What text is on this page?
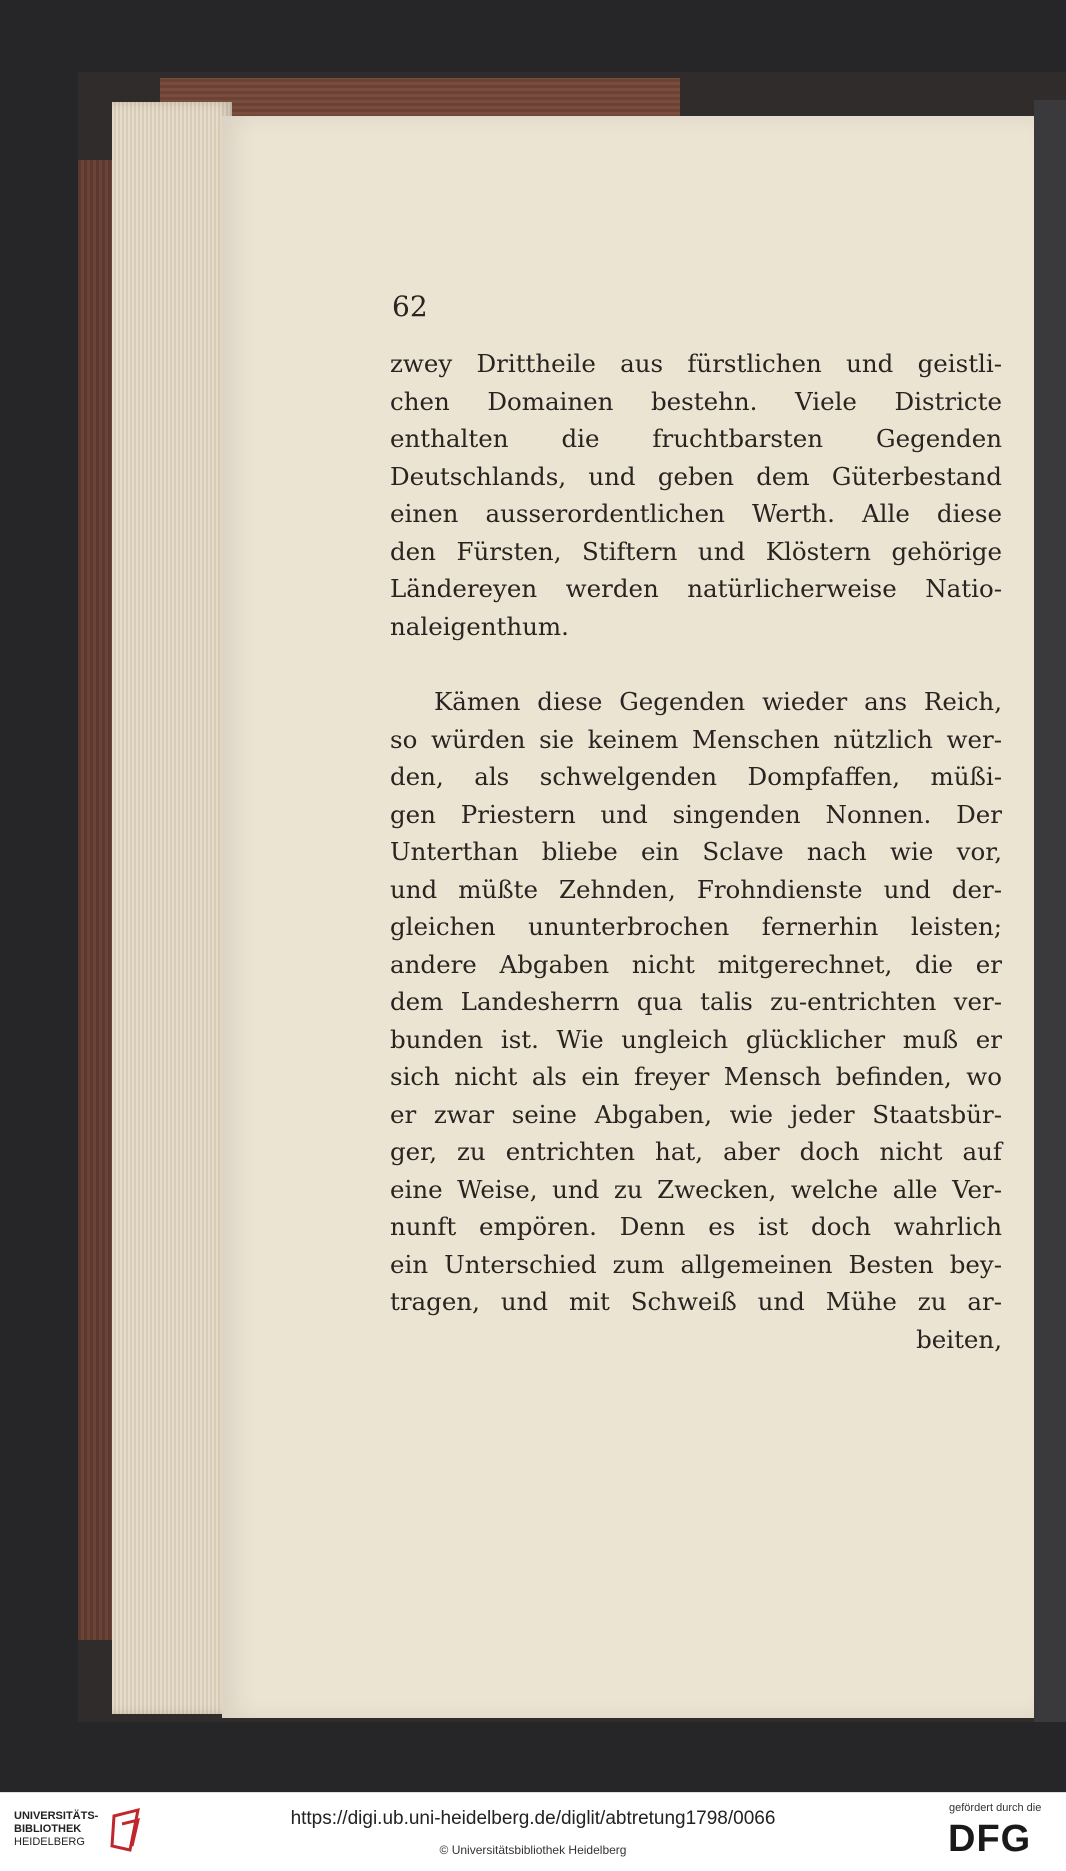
62
zwey Drittheile aus fürstlichen und geistli-
chen Domainen bestehn. Viele Districte
enthalten die fruchtbarsten Gegenden
Deutschlands, und geben dem Güterbestand
einen ausserordentlichen Werth. Alle diese
den Fürsten, Stiftern und Klöstern gehörige
Ländereyen werden natürlicherweise Natio-
naleigenthum.
Kämen diese Gegenden wieder ans Reich,
so würden sie keinem Menschen nützlich wer-
den, als schwelgenden Dompfaffen, müßi-
gen Priestern und singenden Nonnen. Der
Unterthan bliebe ein Sclave nach wie vor,
und müßte Zehnden, Frohndienste und der-
gleichen ununterbrochen fernerhin leisten;
andere Abgaben nicht mitgerechnet, die er
dem Landesherrn qua talis zu-entrichten ver-
bunden ist. Wie ungleich glücklicher muß er
sich nicht als ein freyer Mensch befinden, wo
er zwar seine Abgaben, wie jeder Staatsbür-
ger, zu entrichten hat, aber doch nicht auf
eine Weise, und zu Zwecken, welche alle Ver-
nunft empören. Denn es ist doch wahrlich
ein Unterschied zum allgemeinen Besten bey-
tragen, und mit Schweiß und Mühe zu ar-
beiten,
UNIVERSITÄTS-
BIBLIOTHEK
HEIDELBERG
https://digi.ub.uni-heidelberg.de/diglit/abtretung1798/0066
© Universitätsbibliothek Heidelberg
gefördert durch die
DFG
